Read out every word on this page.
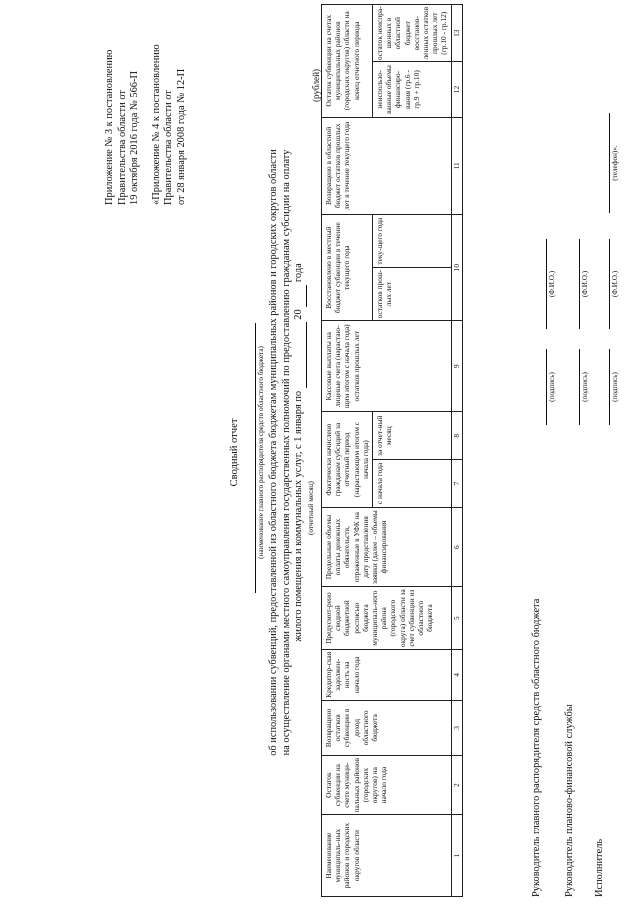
Приложение № 3 к постановлению Правительства области от 19 октября 2016 года № 566-П «Приложение № 4 к постановлению Правительства области от от 28 января 2008 года № 12-П
Сводный отчет (наименование главного распорядителя средств областного бюджета) об использовании субвенций, предоставленной из областного бюджета бюджетам муниципальных районов и городских округов области на осуществление органами местного самоуправления государственных полномочий по предоставлению гражданам субсидии на оплату жилого помещения и коммунальных услуг, с 1 января по   20   года
(отчетный месяц)
(рублей)
Наименование муниципаль-ных районов и городских округов области	Остаток субвенции на счете муници-пальных районов (городских округов) на начало года	Возвращено остатков субвенции в доход областного бюджета	Кредитор-ская задолжен-ность на начало года	Предусмот-рено сводной бюджетной росписью бюджета муниципаль-ного района (городского округа) области за счет субвенции из областного бюджета	Предельные объемы оплаты денежных обязательств, отраженные в УФК на дату представления заявки (далее – объемы финансирования	Фактически начислено гражданам субсидий за отчетный период (нарастающим итогом с начала года)		Кассовые выплаты на лицевые счета (нарастаю-щим итогом с начала года) остатков прошлых лет	Восстановлено в местный бюджет субвенции в течение текущего года		Возвращено в областной бюджет остатков прошлых лет в течение текущего года	Остаток субвенции на счетах муниципальных районов (городских округов) области на конец отчетного периода	
						с начала года	за отчет-ный месяц		остатков прош-лых лет	теку-щего года		неиспользо-ванные объемы финансиро-вания (гр.6 - гр.9 + гр.10)	остаток неиспра-шенных в областной бюджет восстанов-ленных остатков прошлых лет (гр.10 - гр.12)
1	2	3	4	5	6	7	8	9	10		11	12	13
Руководитель главного распорядителя средств областного бюджета
(подпись)
(Ф.И.О.)
Руководитель планово-финансовой службы
(подпись)
(Ф.И.О.)
Исполнитель
(подпись)
(Ф.И.О.)
(телефон)».
